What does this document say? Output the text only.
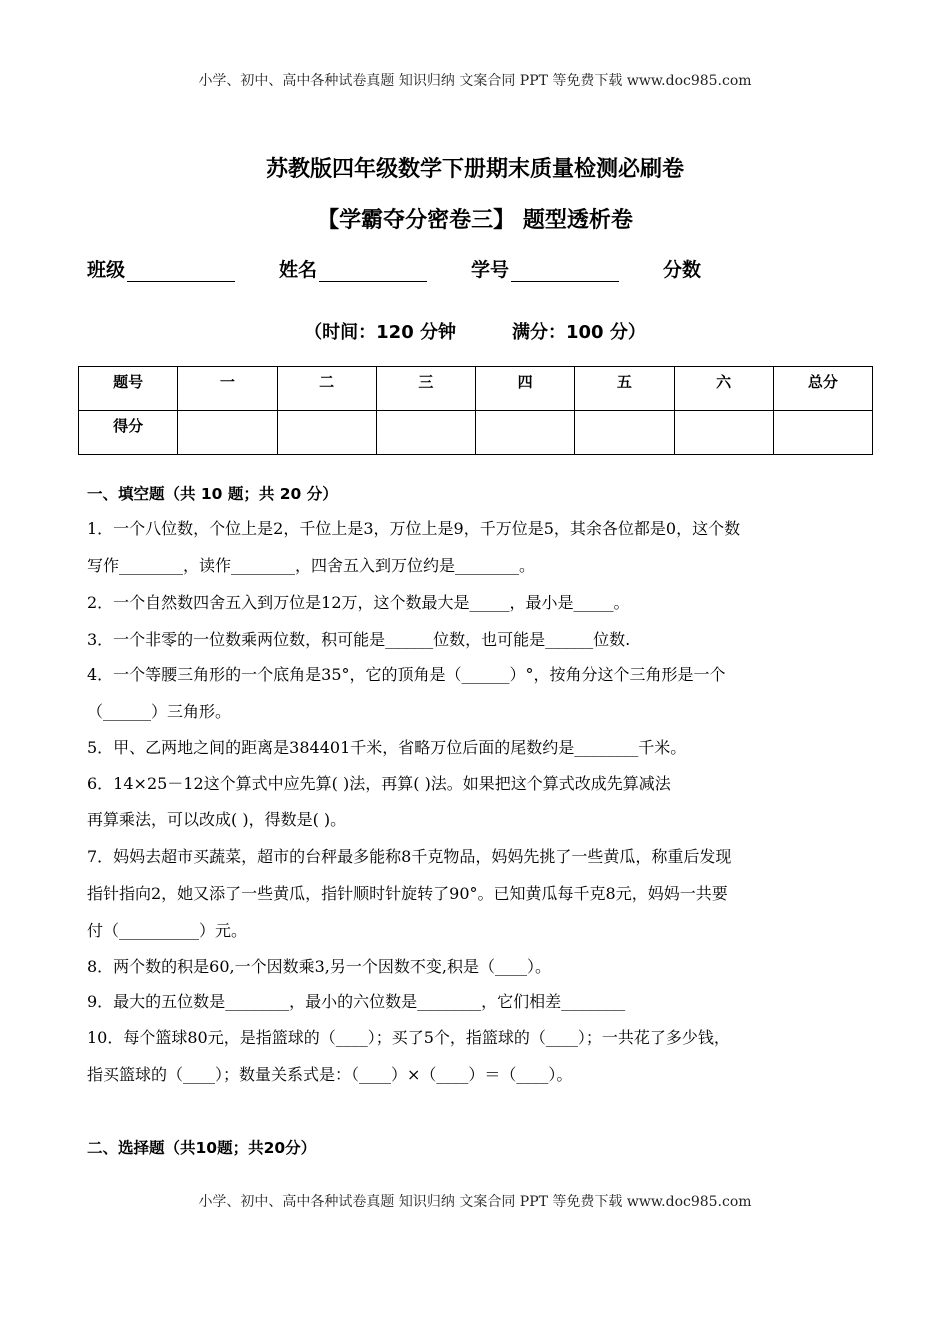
小学、初中、高中各种试卷真题 知识归纳 文案合同 PPT 等免费下载 www.doc985.com
苏教版四年级数学下册期末质量检测必刷卷
【学霸夺分密卷三】 题型透析卷
班级	姓名	学号	分数
（时间：120 分钟	满分：100 分）
题号	一	二	三	四	五	六	总分
得分							
一、填空题（共 10 题；共 20 分）
1．一个八位数，个位上是2，千位上是3，万位上是9，千万位是5，其余各位都是0，这个数
写作________，读作________，四舍五入到万位约是________。
2．一个自然数四舍五入到万位是12万，这个数最大是_____，最小是_____。
3．一个非零的一位数乘两位数，积可能是______位数，也可能是______位数.
4．一个等腰三角形的一个底角是35°，它的顶角是（______）°，按角分这个三角形是一个
（______）三角形。
5．甲、乙两地之间的距离是384401千米，省略万位后面的尾数约是________千米。
6．14×25－12这个算式中应先算( )法，再算( )法。如果把这个算式改成先算减法
再算乘法，可以改成( )，得数是( )。
7．妈妈去超市买蔬菜，超市的台秤最多能称8千克物品，妈妈先挑了一些黄瓜，称重后发现
指针指向2，她又添了一些黄瓜，指针顺时针旋转了90°。已知黄瓜每千克8元，妈妈一共要
付（__________）元。
8．两个数的积是60,一个因数乘3,另一个因数不变,积是（____）。
9．最大的五位数是________，最小的六位数是________，它们相差________
10．每个篮球80元，是指篮球的（____）；买了5个，指篮球的（____）；一共花了多少钱，
指买篮球的（____）；数量关系式是：（____）×（____）＝（____）。
二、选择题（共10题；共20分）
小学、初中、高中各种试卷真题 知识归纳 文案合同 PPT 等免费下载 www.doc985.com
